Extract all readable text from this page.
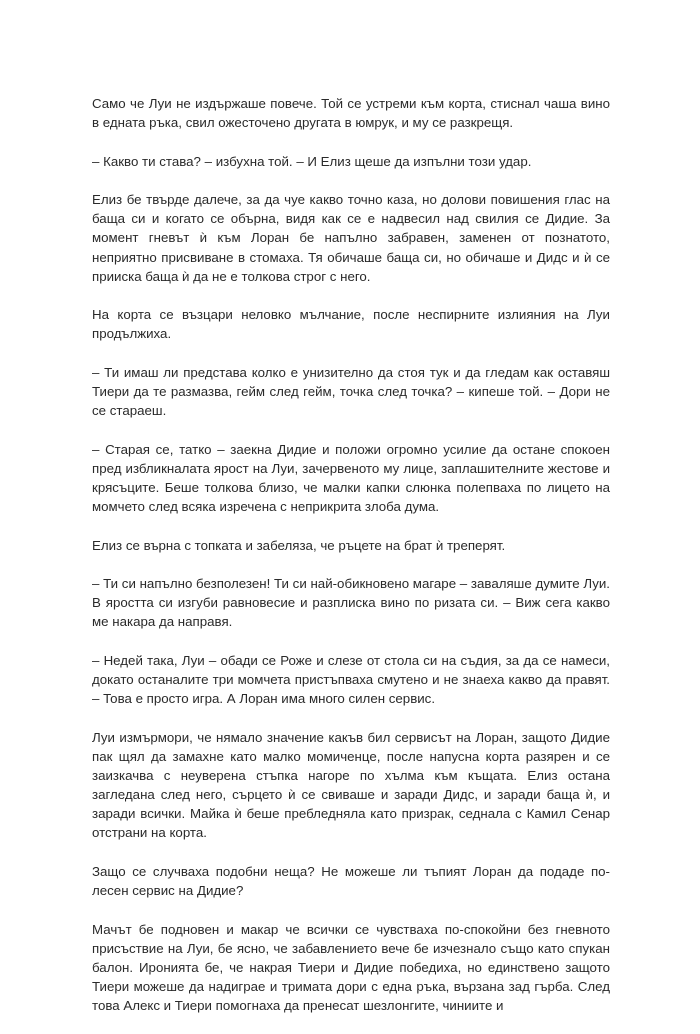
Само че Луи не издържаше повече. Той се устреми към корта, стиснал чаша вино в едната ръка, свил ожесточено другата в юмрук, и му се разкрещя.

– Какво ти става? – избухна той. – И Елиз щеше да изпълни този удар.

Елиз бе твърде далече, за да чуе какво точно каза, но долови повишения глас на баща си и когато се обърна, видя как се е надвесил над свилия се Дидие. За момент гневът ѝ към Лоран бе напълно забравен, заменен от познатото, неприятно присвиване в стомаха. Тя обичаше баща си, но обичаше и Дидс и ѝ се прииска баща ѝ да не е толкова строг с него.

На корта се възцари неловко мълчание, после неспирните излияния на Луи продължиха.

– Ти имаш ли представа колко е унизително да стоя тук и да гледам как оставяш Тиери да те размазва, гейм след гейм, точка след точка? – кипеше той. – Дори не се стараеш.

– Старая се, татко – заекна Дидие и положи огромно усилие да остане спокоен пред избликналата ярост на Луи, зачервеното му лице, заплашителните жестове и крясъците. Беше толкова близо, че малки капки слюнка полепваха по лицето на момчето след всяка изречена с неприкрита злоба дума.

Елиз се върна с топката и забеляза, че ръцете на брат ѝ треперят.

– Ти си напълно безполезен! Ти си най-обикновено магаре – заваляше думите Луи. В яростта си изгуби равновесие и разплиска вино по ризата си. – Виж сега какво ме накара да направя.

– Недей така, Луи – обади се Роже и слезе от стола си на съдия, за да се намеси, докато останалите три момчета пристъпваха смутено и не знаеха какво да правят. – Това е просто игра. А Лоран има много силен сервис.

Луи измърмори, че нямало значение какъв бил сервисът на Лоран, защото Дидие пак щял да замахне като малко момиченце, после напусна корта разярен и се заизкачва с неуверена стъпка нагоре по хълма към къщата. Елиз остана загледана след него, сърцето ѝ се свиваше и заради Дидс, и заради баща ѝ, и заради всички. Майка ѝ беше пребледняла като призрак, седнала с Камил Сенар отстрани на корта.

Защо се случваха подобни неща? Не можеше ли тъпият Лоран да подаде по-лесен сервис на Дидие?

Мачът бе подновен и макар че всички се чувстваха по-спокойни без гневното присъствие на Луи, бе ясно, че забавлението вече бе изчезнало също като спукан балон. Иронията бе, че накрая Тиери и Дидие победиха, но единствено защото Тиери можеше да надиграе и тримата дори с една ръка, вързана зад гърба. След това Алекс и Тиери помогнаха да пренесат шезлонгите, чиниите и
